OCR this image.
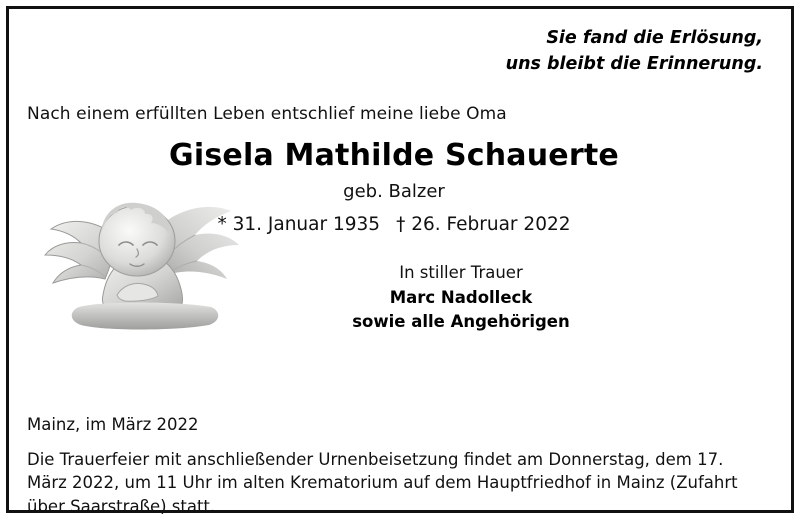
Sie fand die Erlösung,
uns bleibt die Erinnerung.
Nach einem erfüllten Leben entschlief meine liebe Oma
Gisela Mathilde Schauerte
geb. Balzer
* 31. Januar 1935 † 26. Februar 2022
In stiller Trauer
Marc Nadolleck
sowie alle Angehörigen
Mainz, im März 2022
Die Trauerfeier mit anschließender Urnenbeisetzung findet am Donnerstag, dem 17. März 2022, um 11 Uhr im alten Krematorium auf dem Hauptfriedhof in Mainz (Zufahrt über Saarstraße) statt.
